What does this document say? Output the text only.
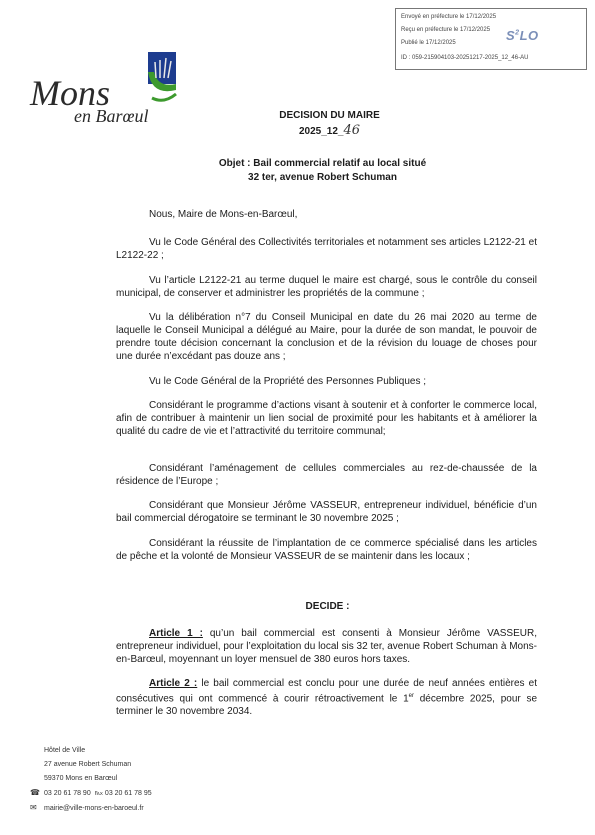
Envoyé en préfecture le 17/12/2025
Reçu en préfecture le 17/12/2025
Publié le 17/12/2025
ID : 059-215904103-20251217-2025_12_46-AU
$S^2LO$
Mons
en Barœul	DECISION DU MAIRE
2025_12_46
Objet : Bail commercial relatif au local situé
32 ter, avenue Robert Schuman
Nous, Maire de Mons-en-Barœul,
Vu le Code Général des Collectivités territoriales et notamment ses articles L2122-21 et L2122-22 ;
Vu l’article L2122-21 au terme duquel le maire est chargé, sous le contrôle du conseil municipal, de conserver et administrer les propriétés de la commune ;
Vu la délibération n°7 du Conseil Municipal en date du 26 mai 2020 au terme de laquelle le Conseil Municipal a délégué au Maire, pour la durée de son mandat, le pouvoir de prendre toute décision concernant la conclusion et de la révision du louage de choses pour une durée n’excédant pas douze ans ;
Vu le Code Général de la Propriété des Personnes Publiques ;
Considérant le programme d’actions visant à soutenir et à conforter le commerce local, afin de contribuer à maintenir un lien social de proximité pour les habitants et à améliorer la qualité du cadre de vie et l’attractivité du territoire communal;
Considérant l’aménagement de cellules commerciales au rez-de-chaussée de la résidence de l’Europe ;
Considérant que Monsieur Jérôme VASSEUR, entrepreneur individuel, bénéficie d’un bail commercial dérogatoire se terminant le 30 novembre 2025 ;
Considérant la réussite de l’implantation de ce commerce spécialisé dans les articles de pêche et la volonté de Monsieur VASSEUR de se maintenir dans les locaux ;
DECIDE :
Article 1 : qu’un bail commercial est consenti à Monsieur Jérôme VASSEUR, entrepreneur individuel, pour l’exploitation du local sis 32 ter, avenue Robert Schuman à Mons-en-Barœul, moyennant un loyer mensuel de 380 euros hors taxes.
Article 2 : le bail commercial est conclu pour une durée de neuf années entières et consécutives qui ont commencé à courir rétroactivement le 1er décembre 2025, pour se terminer le 30 novembre 2034.
Hôtel de Ville
27 avenue Robert Schuman
59370 Mons en Barœul
☎ 03 20 61 78 90 ℻ 03 20 61 78 95
✉ mairie@ville-mons-en-baroeul.fr
